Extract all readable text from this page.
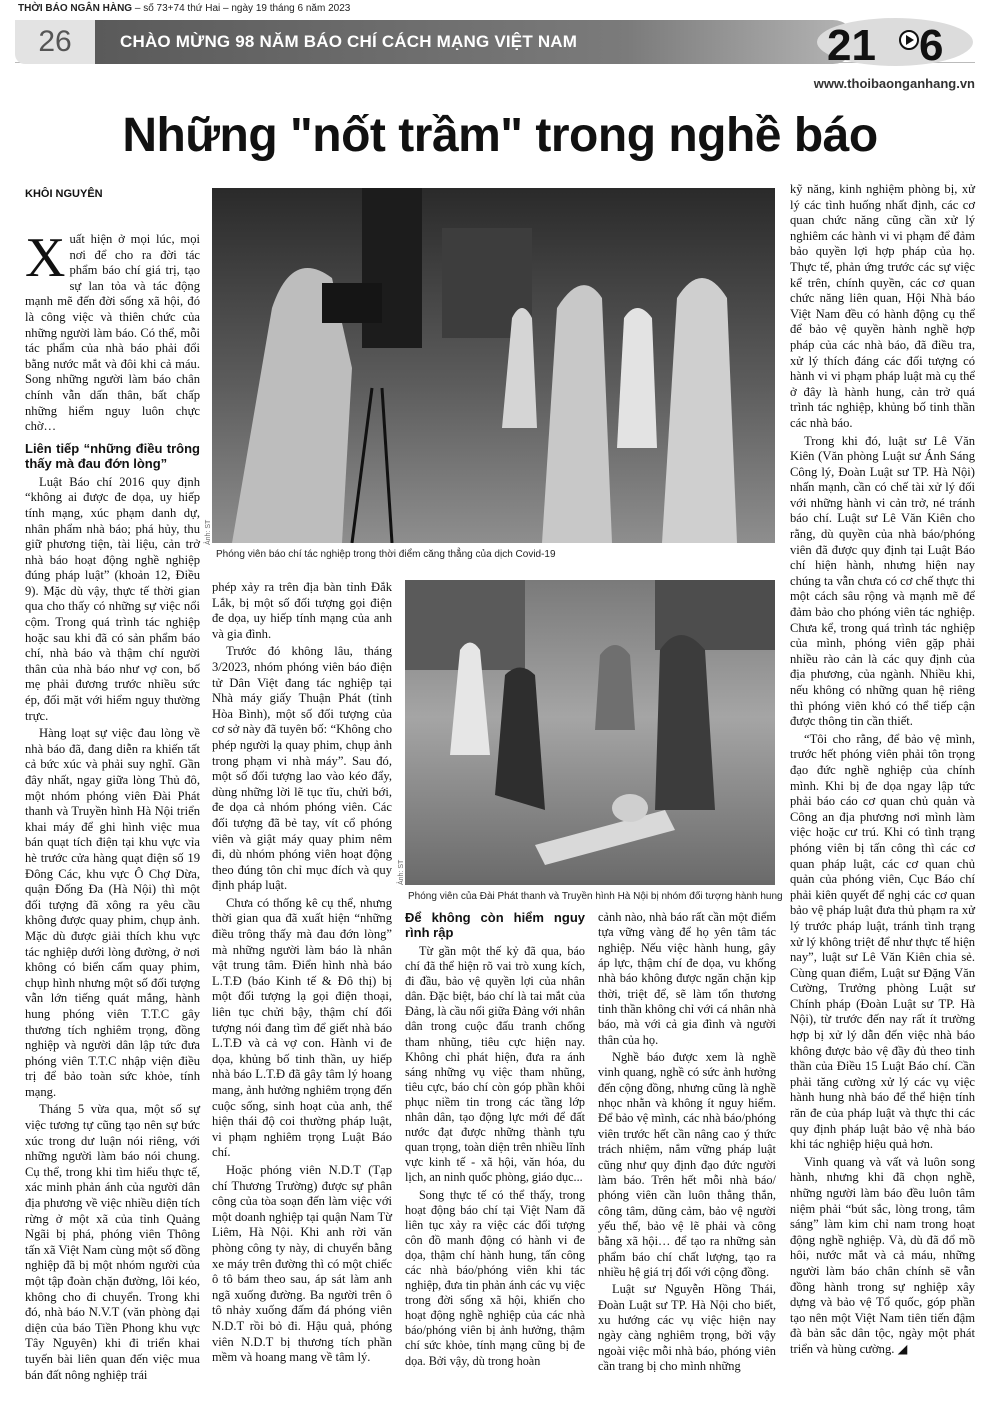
THỜI BÁO NGÂN HÀNG – số 73+74 thứ Hai – ngày 19 tháng 6 năm 2023
26	CHÀO MỪNG 98 NĂM BÁO CHÍ CÁCH MẠNG VIỆT NAM	21 6
www.thoibaonganhang.vn
Những "nốt trầm" trong nghề báo
KHÔI NGUYÊN

Xuất hiện ở mọi lúc, mọi nơi để cho ra đời tác phẩm báo chí giá trị, tạo sự lan tỏa và tác động mạnh mẽ đến đời sống xã hội, đó là công việc và thiên chức của những người làm báo. Có thể, mỗi tác phẩm của nhà báo phải đổi bằng nước mắt và đôi khi cả máu. Song những người làm báo chân chính vẫn dấn thân, bất chấp những hiểm nguy luôn chực chờ…

Liên tiếp “những điều trông thấy mà đau đớn lòng”

Luật Báo chí 2016 quy định “không ai được đe dọa, uy hiếp tính mạng, xúc phạm danh dự, nhân phẩm nhà báo; phá hủy, thu giữ phương tiện, tài liệu, cản trở nhà báo hoạt động nghề nghiệp đúng pháp luật” (khoản 12, Điều 9). Mặc dù vậy, thực tế thời gian qua cho thấy có những sự việc nổi cộm. Trong quá trình tác nghiệp hoặc sau khi đã có sản phẩm báo chí, nhà báo và thậm chí người thân của nhà báo như vợ con, bố mẹ phải đương trước nhiều sức ép, đối mặt với hiểm nguy thường trực.

Hàng loạt sự việc đau lòng về nhà báo đã, đang diễn ra khiến tất cả bức xúc và phải suy nghĩ. Gần đây nhất, ngay giữa lòng Thủ đô, một nhóm phóng viên Đài Phát thanh và Truyền hình Hà Nội triển khai máy để ghi hình việc mua bán quạt tích điện tại khu vực vỉa hè trước cửa hàng quạt điện số 19 Đông Các, khu vực Ô Chợ Dừa, quận Đống Đa (Hà Nội) thì một đối tượng đã xông ra yêu cầu không được quay phim, chụp ảnh. Mặc dù được giải thích khu vực tác nghiệp dưới lòng đường, ở nơi không có biển cấm quay phim, chụp hình nhưng một số đối tượng vẫn lớn tiếng quát mắng, hành hung phóng viên T.T.C gây thương tích nghiêm trọng, đồng nghiệp và người dân lập tức đưa phóng viên T.T.C nhập viện điều trị để bảo toàn sức khỏe, tính mạng.

Tháng 5 vừa qua, một số sự việc tương tự cũng tạo nên sự bức xúc trong dư luận nói riêng, với những người làm báo nói chung. Cụ thể, trong khi tìm hiểu thực tế, xác minh phản ánh của người dân địa phương về việc nhiều diện tích rừng ở một xã của tỉnh Quảng Ngãi bị phá, phóng viên Thông tấn xã Việt Nam cùng một số đồng nghiệp đã bị một nhóm người của một tập đoàn chặn đường, lôi kéo, không cho đi chuyển. Trong khi đó, nhà báo N.V.T (văn phòng đại diện của báo Tiền Phong khu vực Tây Nguyên) khi đi triển khai tuyến bài liên quan đến việc mua bán đất nông nghiệp trái

Ảnh: ST
Phóng viên báo chí tác nghiệp trong thời điểm căng thẳng của dịch Covid-19
Ảnh: ST
Phóng viên của Đài Phát thanh và Truyền hình Hà Nội bị nhóm đối tượng hành hung

phép xảy ra trên địa bàn tỉnh Đắk Lắk, bị một số đối tượng gọi điện đe dọa, uy hiếp tính mạng của anh và gia đình.

Trước đó không lâu, tháng 3/2023, nhóm phóng viên báo điện tử Dân Việt đang tác nghiệp tại Nhà máy giấy Thuận Phát (tỉnh Hòa Bình), một số đối tượng của cơ sở này đã tuyên bố: “Không cho phép người lạ quay phim, chụp ảnh trong phạm vi nhà máy”. Sau đó, một số đối tượng lao vào kéo đẩy, dùng những lời lẽ tục tĩu, chửi bới, đe dọa cả nhóm phóng viên. Các đối tượng đã bẻ tay, vít cổ phóng viên và giật máy quay phim nêm đi, dù nhóm phóng viên hoạt động theo đúng tôn chỉ mục đích và quy định pháp luật.

Chưa có thống kê cụ thể, nhưng thời gian qua đã xuất hiện “những điều trông thấy mà đau đớn lòng” mà những người làm báo là nhân vật trung tâm. Điển hình nhà báo L.T.Đ (báo Kinh tế & Đô thị) bị một đối tượng lạ gọi điện thoại, liên tục chửi bậy, thậm chí đối tượng nói đang tìm để giết nhà báo L.T.Đ và cả vợ con. Hành vi đe dọa, khủng bố tinh thần, uy hiếp nhà báo L.T.Đ đã gây tâm lý hoang mang, ảnh hưởng nghiêm trọng đến cuộc sống, sinh hoạt của anh, thể hiện thái độ coi thường pháp luật, vi phạm nghiêm trọng Luật Báo chí.

Hoặc phóng viên N.D.T (Tạp chí Thương Trường) được sự phân công của tòa soạn đến làm việc với một doanh nghiệp tại quận Nam Từ Liêm, Hà Nội. Khi anh rời văn phòng công ty này, di chuyển bằng xe máy trên đường thì có một chiếc ô tô bám theo sau, áp sát làm anh ngã xuống đường. Ba người trên ô tô nhảy xuống đấm đá phóng viên N.D.T rồi bỏ đi. Hậu quả, phóng viên N.D.T bị thương tích phần mềm và hoang mang về tâm lý.

Để không còn hiểm nguy rình rập

Từ gần một thế kỷ đã qua, báo chí đã thể hiện rõ vai trò xung kích, đi đầu, bảo vệ quyền lợi của nhân dân. Đặc biệt, báo chí là tai mắt của Đảng, là cầu nối giữa Đảng với nhân dân trong cuộc đấu tranh chống tham nhũng, tiêu cực hiện nay. Không chỉ phát hiện, đưa ra ánh sáng những vụ việc tham nhũng, tiêu cực, báo chí còn góp phần khôi phục niềm tin trong các tầng lớp nhân dân, tạo động lực mới để đất nước đạt được những thành tựu quan trọng, toàn diện trên nhiều lĩnh vực kinh tế - xã hội, văn hóa, du lịch, an ninh quốc phòng, giáo dục...

Song thực tế có thể thấy, trong hoạt động báo chí tại Việt Nam đã liên tục xảy ra việc các đối tượng côn đồ manh động có hành vi đe dọa, thậm chí hành hung, tấn công các nhà báo/phóng viên khi tác nghiệp, đưa tin phản ánh các vụ việc trong đời sống xã hội, khiến cho hoạt động nghề nghiệp của các nhà báo/phóng viên bị ảnh hưởng, thậm chí sức khỏe, tính mạng cũng bị đe dọa. Bởi vậy, dù trong hoàn

cảnh nào, nhà báo rất cần một điểm tựa vững vàng để họ yên tâm tác nghiệp. Nếu việc hành hung, gây áp lực, thậm chí đe dọa, vu khống nhà báo không được ngăn chặn kịp thời, triệt để, sẽ làm tổn thương tinh thần không chỉ với cá nhân nhà báo, mà với cả gia đình và người thân của họ.

Nghề báo được xem là nghề vinh quang, nghề có sức ảnh hưởng đến cộng đồng, nhưng cũng là nghề nhọc nhằn và không ít nguy hiểm. Để bảo vệ mình, các nhà báo/phóng viên trước hết cần nâng cao ý thức trách nhiệm, nắm vững pháp luật cũng như quy định đạo đức người làm báo. Trên hết mỗi nhà báo/ phóng viên cần luôn thẳng thắn, công tâm, dũng cảm, bảo vệ người yếu thế, bảo vệ lẽ phải và công bằng xã hội… để tạo ra những sản phẩm báo chí chất lượng, tạo ra nhiều hệ giá trị đối với cộng đồng.

Luật sư Nguyễn Hồng Thái, Đoàn Luật sư TP. Hà Nội cho biết, xu hướng các vụ việc hiện nay ngày càng nghiêm trọng, bởi vậy ngoài việc mỗi nhà báo, phóng viên cần trang bị cho mình những

kỹ năng, kinh nghiệm phòng bị, xử lý các tình huống nhất định, các cơ quan chức năng cũng cần xử lý nghiêm các hành vi vi phạm để đảm bảo quyền lợi hợp pháp của họ. Thực tế, phản ứng trước các sự việc kể trên, chính quyền, các cơ quan chức năng liên quan, Hội Nhà báo Việt Nam đều có hành động cụ thể để bảo vệ quyền hành nghề hợp pháp của các nhà báo, đã điều tra, xử lý thích đáng các đối tượng có hành vi vi phạm pháp luật mà cụ thể ở đây là hành hung, cản trở quá trình tác nghiệp, khủng bố tinh thần các nhà báo.

Trong khi đó, luật sư Lê Văn Kiên (Văn phòng Luật sư Ánh Sáng Công lý, Đoàn Luật sư TP. Hà Nội) nhấn mạnh, cần có chế tài xử lý đối với những hành vi cản trở, né tránh báo chí. Luật sư Lê Văn Kiên cho rằng, dù quyền của nhà báo/phóng viên đã được quy định tại Luật Báo chí hiện hành, nhưng hiện nay chúng ta vẫn chưa có cơ chế thực thi một cách sâu rộng và mạnh mẽ để đảm bảo cho phóng viên tác nghiệp. Chưa kể, trong quá trình tác nghiệp của mình, phóng viên gặp phải nhiều rào cản là các quy định của địa phương, của ngành. Nhiều khi, nếu không có những quan hệ riêng thì phóng viên khó có thể tiếp cận được thông tin cần thiết.

“Tôi cho rằng, để bảo vệ mình, trước hết phóng viên phải tôn trọng đạo đức nghề nghiệp của chính mình. Khi bị đe dọa ngay lập tức phải báo cáo cơ quan chủ quản và Công an địa phương nơi mình làm việc hoặc cư trú. Khi có tình trạng phóng viên bị tấn công thì các cơ quan pháp luật, các cơ quan chủ quản của phóng viên, Cục Báo chí phải kiên quyết để nghị các cơ quan bảo vệ pháp luật đưa thủ phạm ra xử lý trước pháp luật, tránh tình trạng xử lý không triệt để như thực tế hiện nay”, luật sư Lê Văn Kiên chia sẻ. Cùng quan điểm, Luật sư Đặng Văn Cường, Trưởng phòng Luật sư Chính pháp (Đoàn Luật sư TP. Hà Nội), từ trước đến nay rất ít trường hợp bị xử lý dẫn đến việc nhà báo không được bảo vệ đầy đủ theo tinh thần của Điều 15 Luật Báo chí. Cần phải tăng cường xử lý các vụ việc hành hung nhà báo để thể hiện tính răn đe của pháp luật và thực thi các quy định pháp luật bảo vệ nhà báo khi tác nghiệp hiệu quả hơn.

Vinh quang và vất vả luôn song hành, nhưng khi đã chọn nghề, những người làm báo đều luôn tâm niệm phải “bút sắc, lòng trong, tâm sáng” làm kim chỉ nam trong hoạt động nghề nghiệp. Và, dù đã đổ mồ hôi, nước mắt và cả máu, những người làm báo chân chính sẽ vẫn đồng hành trong sự nghiệp xây dựng và bảo vệ Tổ quốc, góp phần tạo nên một Việt Nam tiên tiến đậm đà bản sắc dân tộc, ngày một phát triển và hùng cường. ◢
